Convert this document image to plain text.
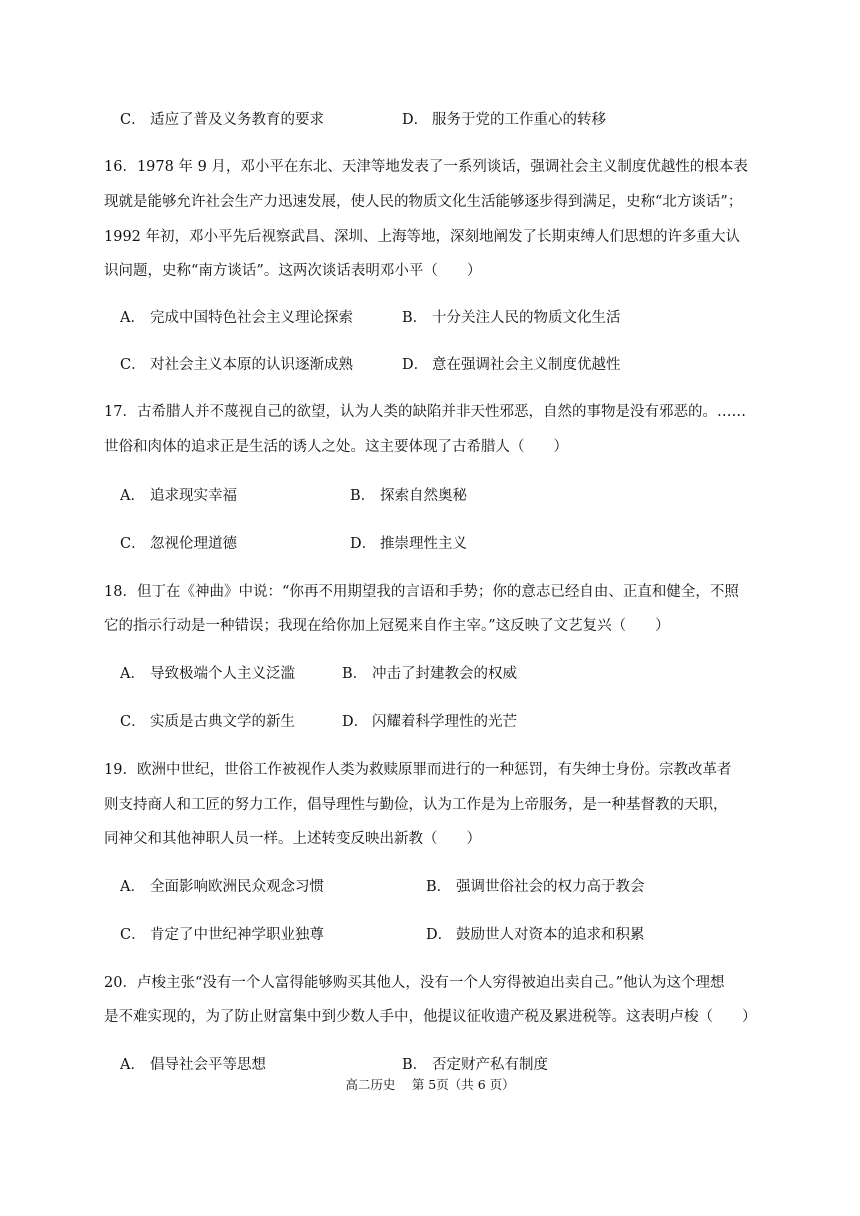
C． 适应了普及义务教育的要求	D． 服务于党的工作重心的转移
16．1978 年 9 月，邓小平在东北、天津等地发表了一系列谈话，强调社会主义制度优越性的根本表
现就是能够允许社会生产力迅速发展，使人民的物质文化生活能够逐步得到满足，史称“北方谈话”；
1992 年初，邓小平先后视察武昌、深圳、上海等地，深刻地阐发了长期束缚人们思想的许多重大认
识问题，史称“南方谈话”。这两次谈话表明邓小平（　　）
A． 完成中国特色社会主义理论探索	B． 十分关注人民的物质文化生活
C． 对社会主义本原的认识逐渐成熟	D． 意在强调社会主义制度优越性
17．古希腊人并不蔑视自己的欲望，认为人类的缺陷并非天性邪恶，自然的事物是没有邪恶的。……
世俗和肉体的追求正是生活的诱人之处。这主要体现了古希腊人（　　）
A． 追求现实幸福	B． 探索自然奥秘
C． 忽视伦理道德	D． 推崇理性主义
18．但丁在《神曲》中说：“你再不用期望我的言语和手势；你的意志已经自由、正直和健全，不照
它的指示行动是一种错误；我现在给你加上冠冕来自作主宰。”这反映了文艺复兴（　　）
A． 导致极端个人主义泛滥	B． 冲击了封建教会的权威
C． 实质是古典文学的新生	D． 闪耀着科学理性的光芒
19．欧洲中世纪，世俗工作被视作人类为救赎原罪而进行的一种惩罚，有失绅士身份。宗教改革者
则支持商人和工匠的努力工作，倡导理性与勤俭，认为工作是为上帝服务，是一种基督教的天职，
同神父和其他神职人员一样。上述转变反映出新教（　　）
A． 全面影响欧洲民众观念习惯	B． 强调世俗社会的权力高于教会
C． 肯定了中世纪神学职业独尊	D． 鼓励世人对资本的追求和积累
20．卢梭主张“没有一个人富得能够购买其他人，没有一个人穷得被迫出卖自己。”他认为这个理想
是不难实现的，为了防止财富集中到少数人手中，他提议征收遗产税及累进税等。这表明卢梭（　　）
A． 倡导社会平等思想	B． 否定财产私有制度
高二历史　 第 5页（共 6 页）
